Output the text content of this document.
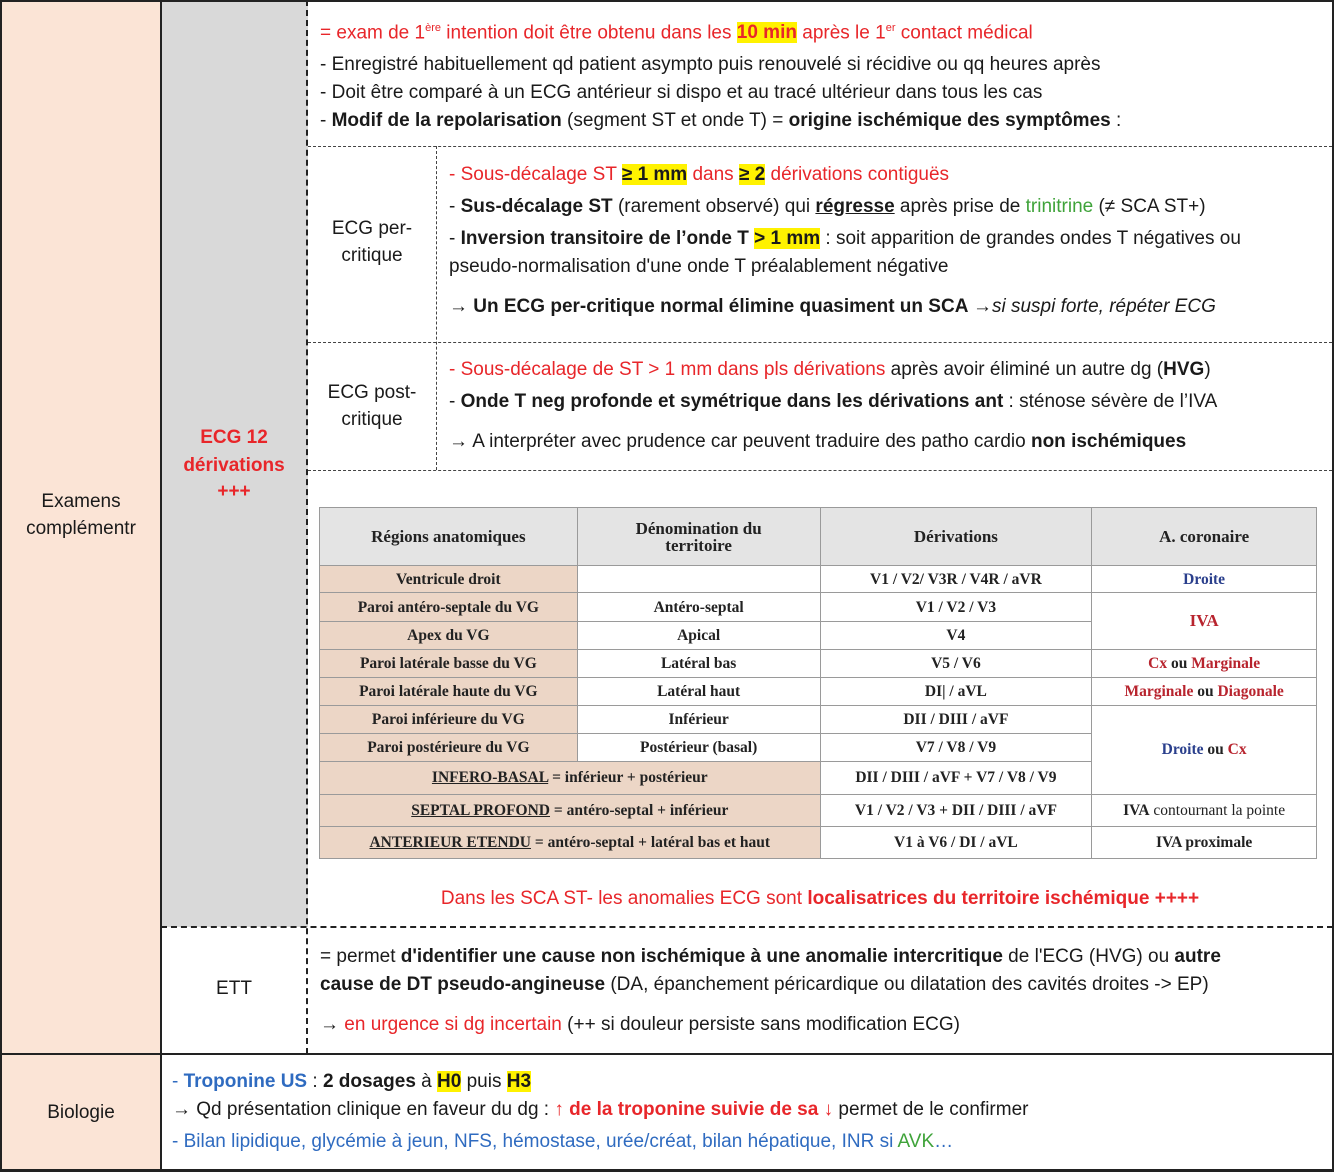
Examens complémentr
Biologie
ECG 12 dérivations
+++
= exam de 1ère intention doit être obtenu dans les 10 min après le 1er contact médical
- Enregistré habituellement qd patient asympto puis renouvelé si récidive ou qq heures après
- Doit être comparé à un ECG antérieur si dispo et au tracé ultérieur dans tous les cas
- Modif de la repolarisation (segment ST et onde T) = origine ischémique des symptômes :
ECG per-critique
- Sous-décalage ST ≥ 1 mm dans ≥ 2 dérivations contiguës
- Sus-décalage ST (rarement observé) qui régresse après prise de trinitrine (≠ SCA ST+)
- Inversion transitoire de l’onde T > 1 mm : soit apparition de grandes ondes T négatives ou
pseudo-normalisation d'une onde T préalablement négative
→ Un ECG per-critique normal élimine quasiment un SCA →si suspi forte, répéter ECG
ECG post-critique
- Sous-décalage de ST > 1 mm dans pls dérivations après avoir éliminé un autre dg (HVG)
- Onde T neg profonde et symétrique dans les dérivations ant : sténose sévère de l’IVA
→ A interpréter avec prudence car peuvent traduire des patho cardio non ischémiques
Régions anatomiques	Dénomination du territoire	Dérivations	A. coronaire
Ventricule droit		V1 / V2/ V3R / V4R / aVR	Droite
Paroi antéro-septale du VG	Antéro-septal	V1 / V2 / V3	IVA
Apex du VG	Apical	V4	
Paroi latérale basse du VG	Latéral bas	V5 / V6	Cx ou Marginale
Paroi latérale haute du VG	Latéral haut	DI| / aVL	Marginale ou Diagonale
Paroi inférieure du VG	Inférieur	DII / DIII / aVF	Droite ou Cx
Paroi postérieure du VG	Postérieur (basal)	V7 / V8 / V9	
INFERO-BASAL = inférieur + postérieur		DII / DIII / aVF + V7 / V8 / V9	
SEPTAL PROFOND = antéro-septal + inférieur		V1 / V2 / V3 + DII / DIII / aVF	IVA contournant la pointe
ANTERIEUR ETENDU = antéro-septal + latéral bas et haut		V1 à V6 / DI / aVL	IVA proximale
Dans les SCA ST- les anomalies ECG sont localisatrices du territoire ischémique ++++
ETT
= permet d'identifier une cause non ischémique à une anomalie intercritique de l'ECG (HVG) ou autre
cause de DT pseudo-angineuse (DA, épanchement péricardique ou dilatation des cavités droites -> EP)
→ en urgence si dg incertain (++ si douleur persiste sans modification ECG)
- Troponine US : 2 dosages à H0 puis H3
→ Qd présentation clinique en faveur du dg : ↑ de la troponine suivie de sa ↓ permet de le confirmer
- Bilan lipidique, glycémie à jeun, NFS, hémostase, urée/créat, bilan hépatique, INR si AVK…
